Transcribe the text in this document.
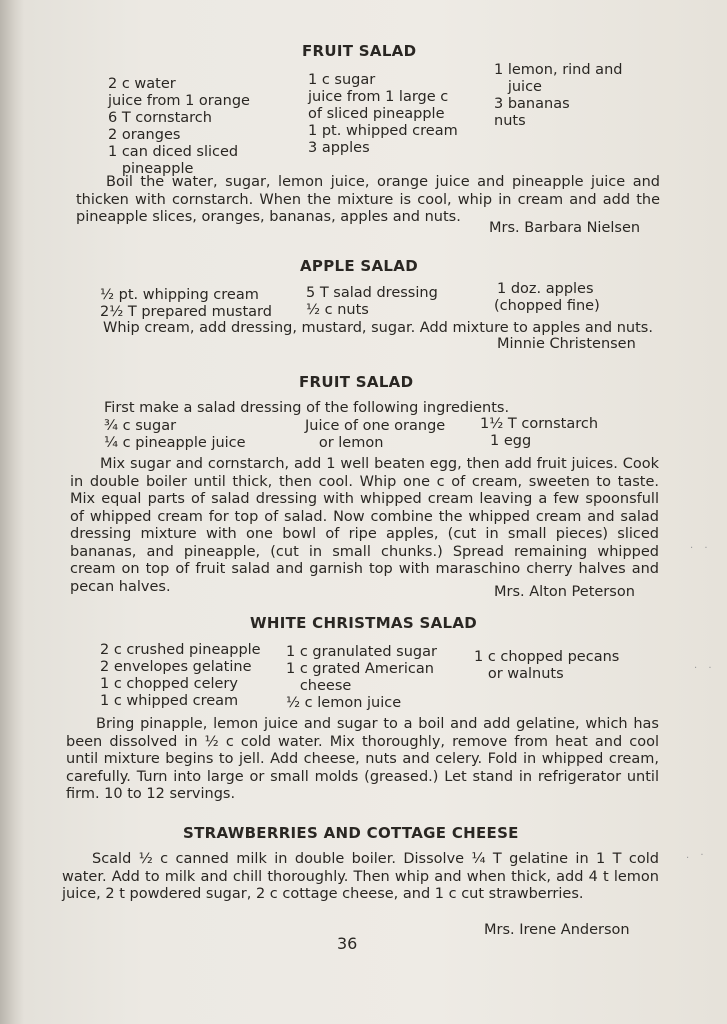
FRUIT SALAD
2 c water
juice from 1 orange
6 T cornstarch
2 oranges
1 can diced sliced
pineapple
1 c sugar
juice from 1 large c
of sliced pineapple
1 pt. whipped cream
3 apples
1 lemon, rind and
juice
3 bananas
nuts
Boil the water, sugar, lemon juice, orange juice and pineapple juice and thicken with cornstarch. When the mixture is cool, whip in cream and add the pineapple slices, oranges, bananas, apples and nuts.
Mrs. Barbara Nielsen
APPLE SALAD
½ pt. whipping cream
2½ T prepared mustard
5 T salad dressing
½ c nuts
1 doz. apples
(chopped fine)
Whip cream, add dressing, mustard, sugar. Add mixture to apples and nuts.
Minnie Christensen
FRUIT SALAD
First make a salad dressing of the following ingredients.
¾ c sugar
¼ c pineapple juice
Juice of one orange
or lemon
1½ T cornstarch
1 egg
Mix sugar and cornstarch, add 1 well beaten egg, then add fruit juices. Cook in double boiler until thick, then cool. Whip one c of cream, sweeten to taste. Mix equal parts of salad dressing with whipped cream leaving a few spoonsfull of whipped cream for top of salad. Now combine the whipped cream and salad dressing mixture with one bowl of ripe apples, (cut in small pieces) sliced bananas, and pineapple, (cut in small chunks.) Spread remaining whipped cream on top of fruit salad and garnish top with maraschino cherry halves and pecan halves.	Mrs. Alton Peterson
WHITE CHRISTMAS SALAD
2 c crushed pineapple
2 envelopes gelatine
1 c chopped celery
1 c whipped cream
1 c granulated sugar
1 c grated American
cheese
½ c lemon juice
1 c chopped pecans
or walnuts
Bring pinapple, lemon juice and sugar to a boil and add gelatine, which has been dissolved in ½ c cold water. Mix thoroughly, remove from heat and cool until mixture begins to jell. Add cheese, nuts and celery. Fold in whipped cream, carefully. Turn into large or small molds (greased.) Let stand in refrigerator until firm. 10 to 12 servings.
STRAWBERRIES AND COTTAGE CHEESE
Scald ½ c canned milk in double boiler. Dissolve ¼ T gelatine in 1 T cold water. Add to milk and chill thoroughly. Then whip and when thick, add 4 t lemon juice, 2 t powdered sugar, 2 c cottage cheese, and 1 c cut strawberries.
Mrs. Irene Anderson
36
. .
. .
. ·
